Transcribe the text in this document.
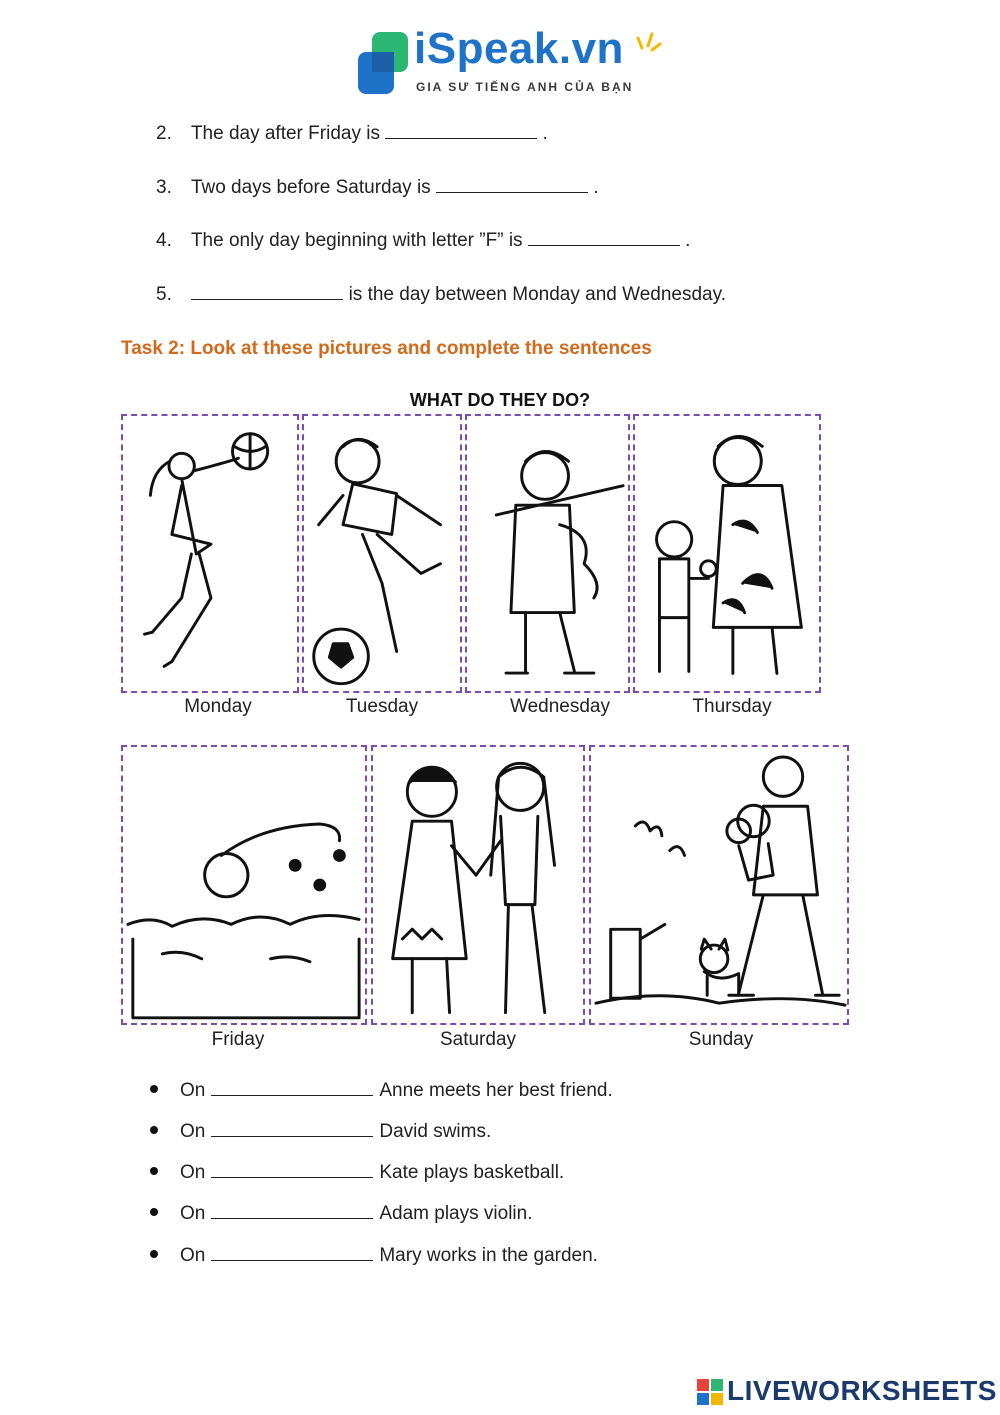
iSpeak.vn
GIA SƯ TIẾNG ANH CỦA BẠN
2. The day after Friday is	.
3. Two days before Saturday is	.
4. The only day beginning with letter ”F” is	.
5.	is the day between Monday and Wednesday.
Task 2: Look at these pictures and complete the sentences
WHAT DO THEY DO?
Monday	Tuesday	Wednesday	Thursday
Friday	Saturday	Sunday
On	Anne meets her best friend.
On	David swims.
On	Kate plays basketball.
On	Adam plays violin.
On	Mary works in the garden.
LIVEWORKSHEETS
